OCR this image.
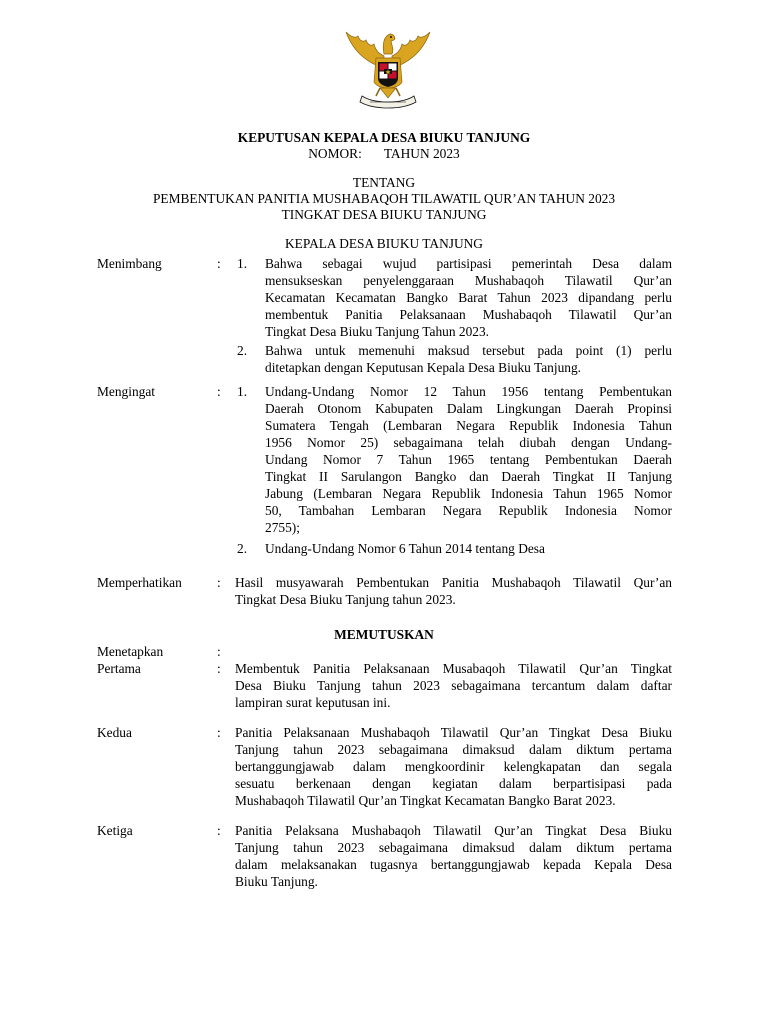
KEPUTUSAN KEPALA DESA BIUKU TANJUNG
NOMOR: TAHUN 2023
TENTANG
PEMBENTUKAN PANITIA MUSHABAQOH TILAWATIL QUR’AN TAHUN 2023
TINGKAT DESA BIUKU TANJUNG
KEPALA DESA BIUKU TANJUNG
Menimbang	:	1.	Bahwa sebagai wujud partisipasi pemerintah Desa dalam
mensukseskan penyelenggaraan Mushabaqoh Tilawatil Qur’an
Kecamatan Kecamatan Bangko Barat Tahun 2023 dipandang perlu
membentuk Panitia Pelaksanaan Mushabaqoh Tilawatil Qur’an
Tingkat Desa Biuku Tanjung Tahun 2023.
2.	Bahwa untuk memenuhi maksud tersebut pada point (1) perlu
ditetapkan dengan Keputusan Kepala Desa Biuku Tanjung.
Mengingat	:	1.	Undang-Undang Nomor 12 Tahun 1956 tentang Pembentukan
Daerah Otonom Kabupaten Dalam Lingkungan Daerah Propinsi
Sumatera Tengah (Lembaran Negara Republik Indonesia Tahun
1956 Nomor 25) sebagaimana telah diubah dengan Undang-
Undang Nomor 7 Tahun 1965 tentang Pembentukan Daerah
Tingkat II Sarulangon Bangko dan Daerah Tingkat II Tanjung
Jabung (Lembaran Negara Republik Indonesia Tahun 1965 Nomor
50, Tambahan Lembaran Negara Republik Indonesia Nomor
2755);
2.	Undang-Undang Nomor 6 Tahun 2014 tentang Desa
Memperhatikan	:	Hasil musyawarah Pembentukan Panitia Mushabaqoh Tilawatil Qur’an
Tingkat Desa Biuku Tanjung tahun 2023.
MEMUTUSKAN
Menetapkan	:
Pertama	:	Membentuk Panitia Pelaksanaan Musabaqoh Tilawatil Qur’an Tingkat
Desa Biuku Tanjung tahun 2023 sebagaimana tercantum dalam daftar
lampiran surat keputusan ini.
Kedua	:	Panitia Pelaksanaan Mushabaqoh Tilawatil Qur’an Tingkat Desa Biuku
Tanjung tahun 2023 sebagaimana dimaksud dalam diktum pertama
bertanggungjawab dalam mengkoordinir kelengkapatan dan segala
sesuatu berkenaan dengan kegiatan dalam berpartisipasi pada
Mushabaqoh Tilawatil Qur’an Tingkat Kecamatan Bangko Barat 2023.
Ketiga	:	Panitia Pelaksana Mushabaqoh Tilawatil Qur’an Tingkat Desa Biuku
Tanjung tahun 2023 sebagaimana dimaksud dalam diktum pertama
dalam melaksanakan tugasnya bertanggungjawab kepada Kepala Desa
Biuku Tanjung.
